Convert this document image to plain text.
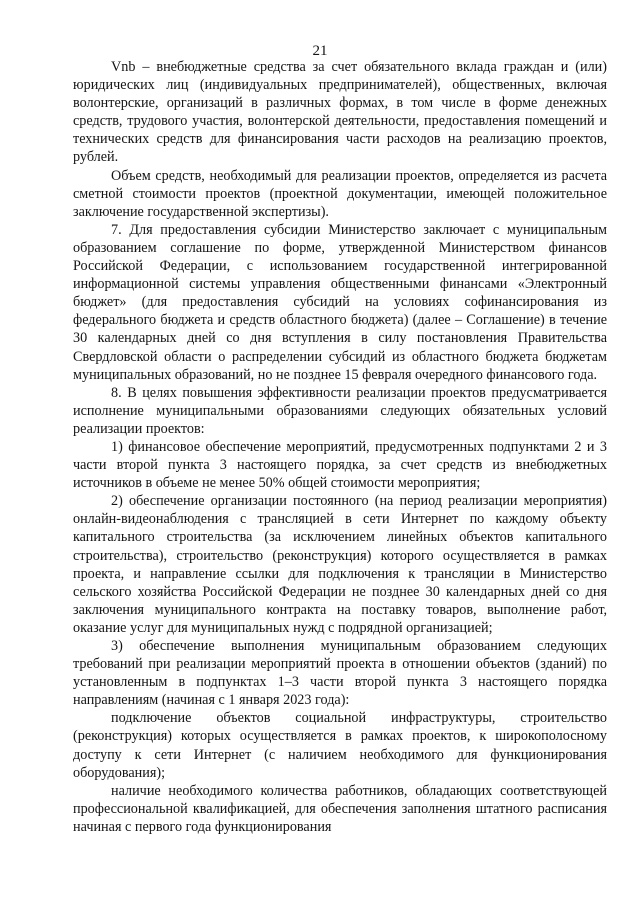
21

Vnb – внебюджетные средства за счет обязательного вклада граждан и (или) юридических лиц (индивидуальных предпринимателей), общественных, включая волонтерские, организаций в различных формах, в том числе в форме денежных средств, трудового участия, волонтерской деятельности, предоставления помещений и технических средств для финансирования части расходов на реализацию проектов, рублей.

Объем средств, необходимый для реализации проектов, определяется из расчета сметной стоимости проектов (проектной документации, имеющей положительное заключение государственной экспертизы).

7. Для предоставления субсидии Министерство заключает с муниципальным образованием соглашение по форме, утвержденной Министерством финансов Российской Федерации, с использованием государственной интегрированной информационной системы управления общественными финансами «Электронный бюджет» (для предоставления субсидий на условиях софинансирования из федерального бюджета и средств областного бюджета) (далее – Соглашение) в течение 30 календарных дней со дня вступления в силу постановления Правительства Свердловской области о распределении субсидий из областного бюджета бюджетам муниципальных образований, но не позднее 15 февраля очередного финансового года.

8. В целях повышения эффективности реализации проектов предусматривается исполнение муниципальными образованиями следующих обязательных условий реализации проектов:

1) финансовое обеспечение мероприятий, предусмотренных подпунктами 2 и 3 части второй пункта 3 настоящего порядка, за счет средств из внебюджетных источников в объеме не менее 50% общей стоимости мероприятия;

2) обеспечение организации постоянного (на период реализации мероприятия) онлайн-видеонаблюдения с трансляцией в сети Интернет по каждому объекту капитального строительства (за исключением линейных объектов капитального строительства), строительство (реконструкция) которого осуществляется в рамках проекта, и направление ссылки для подключения к трансляции в Министерство сельского хозяйства Российской Федерации не позднее 30 календарных дней со дня заключения муниципального контракта на поставку товаров, выполнение работ, оказание услуг для муниципальных нужд с подрядной организацией;

3) обеспечение выполнения муниципальным образованием следующих требований при реализации мероприятий проекта в отношении объектов (зданий) по установленным в подпунктах 1–3 части второй пункта 3 настоящего порядка направлениям (начиная с 1 января 2023 года):

подключение объектов социальной инфраструктуры, строительство (реконструкция) которых осуществляется в рамках проектов, к широкополосному доступу к сети Интернет (с наличием необходимого для функционирования оборудования);

наличие необходимого количества работников, обладающих соответствующей профессиональной квалификацией, для обеспечения заполнения штатного расписания начиная с первого года функционирования
